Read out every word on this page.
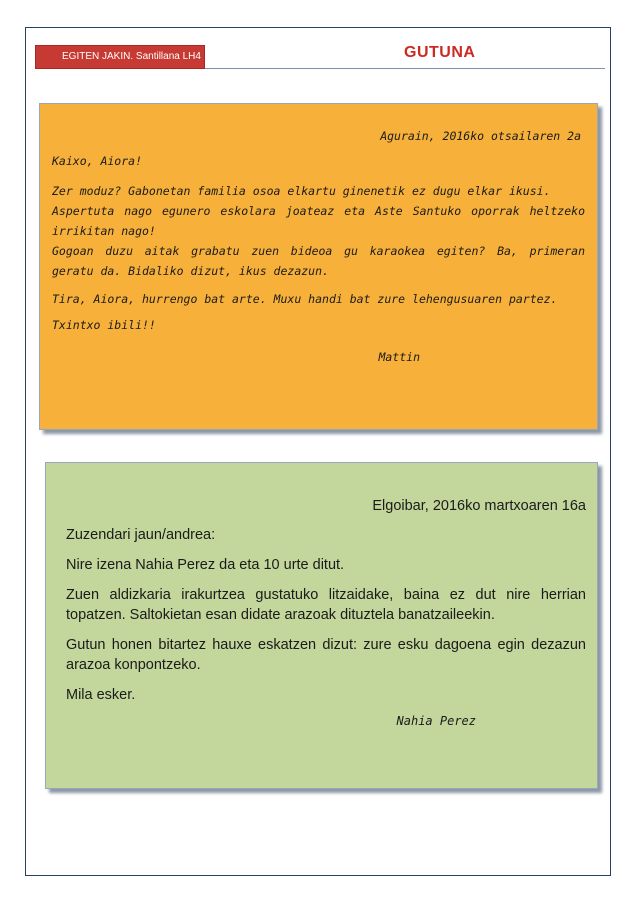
EGITEN JAKIN. Santillana LH4	GUTUNA

Agurain, 2016ko otsailaren 2a

Kaixo, Aiora!

Zer moduz? Gabonetan familia osoa elkartu ginenetik ez dugu elkar ikusi.

Aspertuta nago egunero eskolara joateaz eta Aste Santuko oporrak heltzeko irrikitan nago!

Gogoan duzu aitak grabatu zuen bideoa gu karaokea egiten? Ba, primeran geratu da. Bidaliko dizut, ikus dezazun.

Tira, Aiora, hurrengo bat arte. Muxu handi bat zure lehengusuaren partez.

Txintxo ibili!!

Mattin

Elgoibar, 2016ko martxoaren 16a

Zuzendari jaun/andrea:

Nire izena Nahia Perez da eta 10 urte ditut.

Zuen aldizkaria irakurtzea gustatuko litzaidake, baina ez dut nire herrian topatzen. Saltokietan esan didate arazoak dituztela banatzaileekin.

Gutun honen bitartez hauxe eskatzen dizut: zure esku dagoena egin dezazun arazoa konpontzeko.

Mila esker.

Nahia Perez
